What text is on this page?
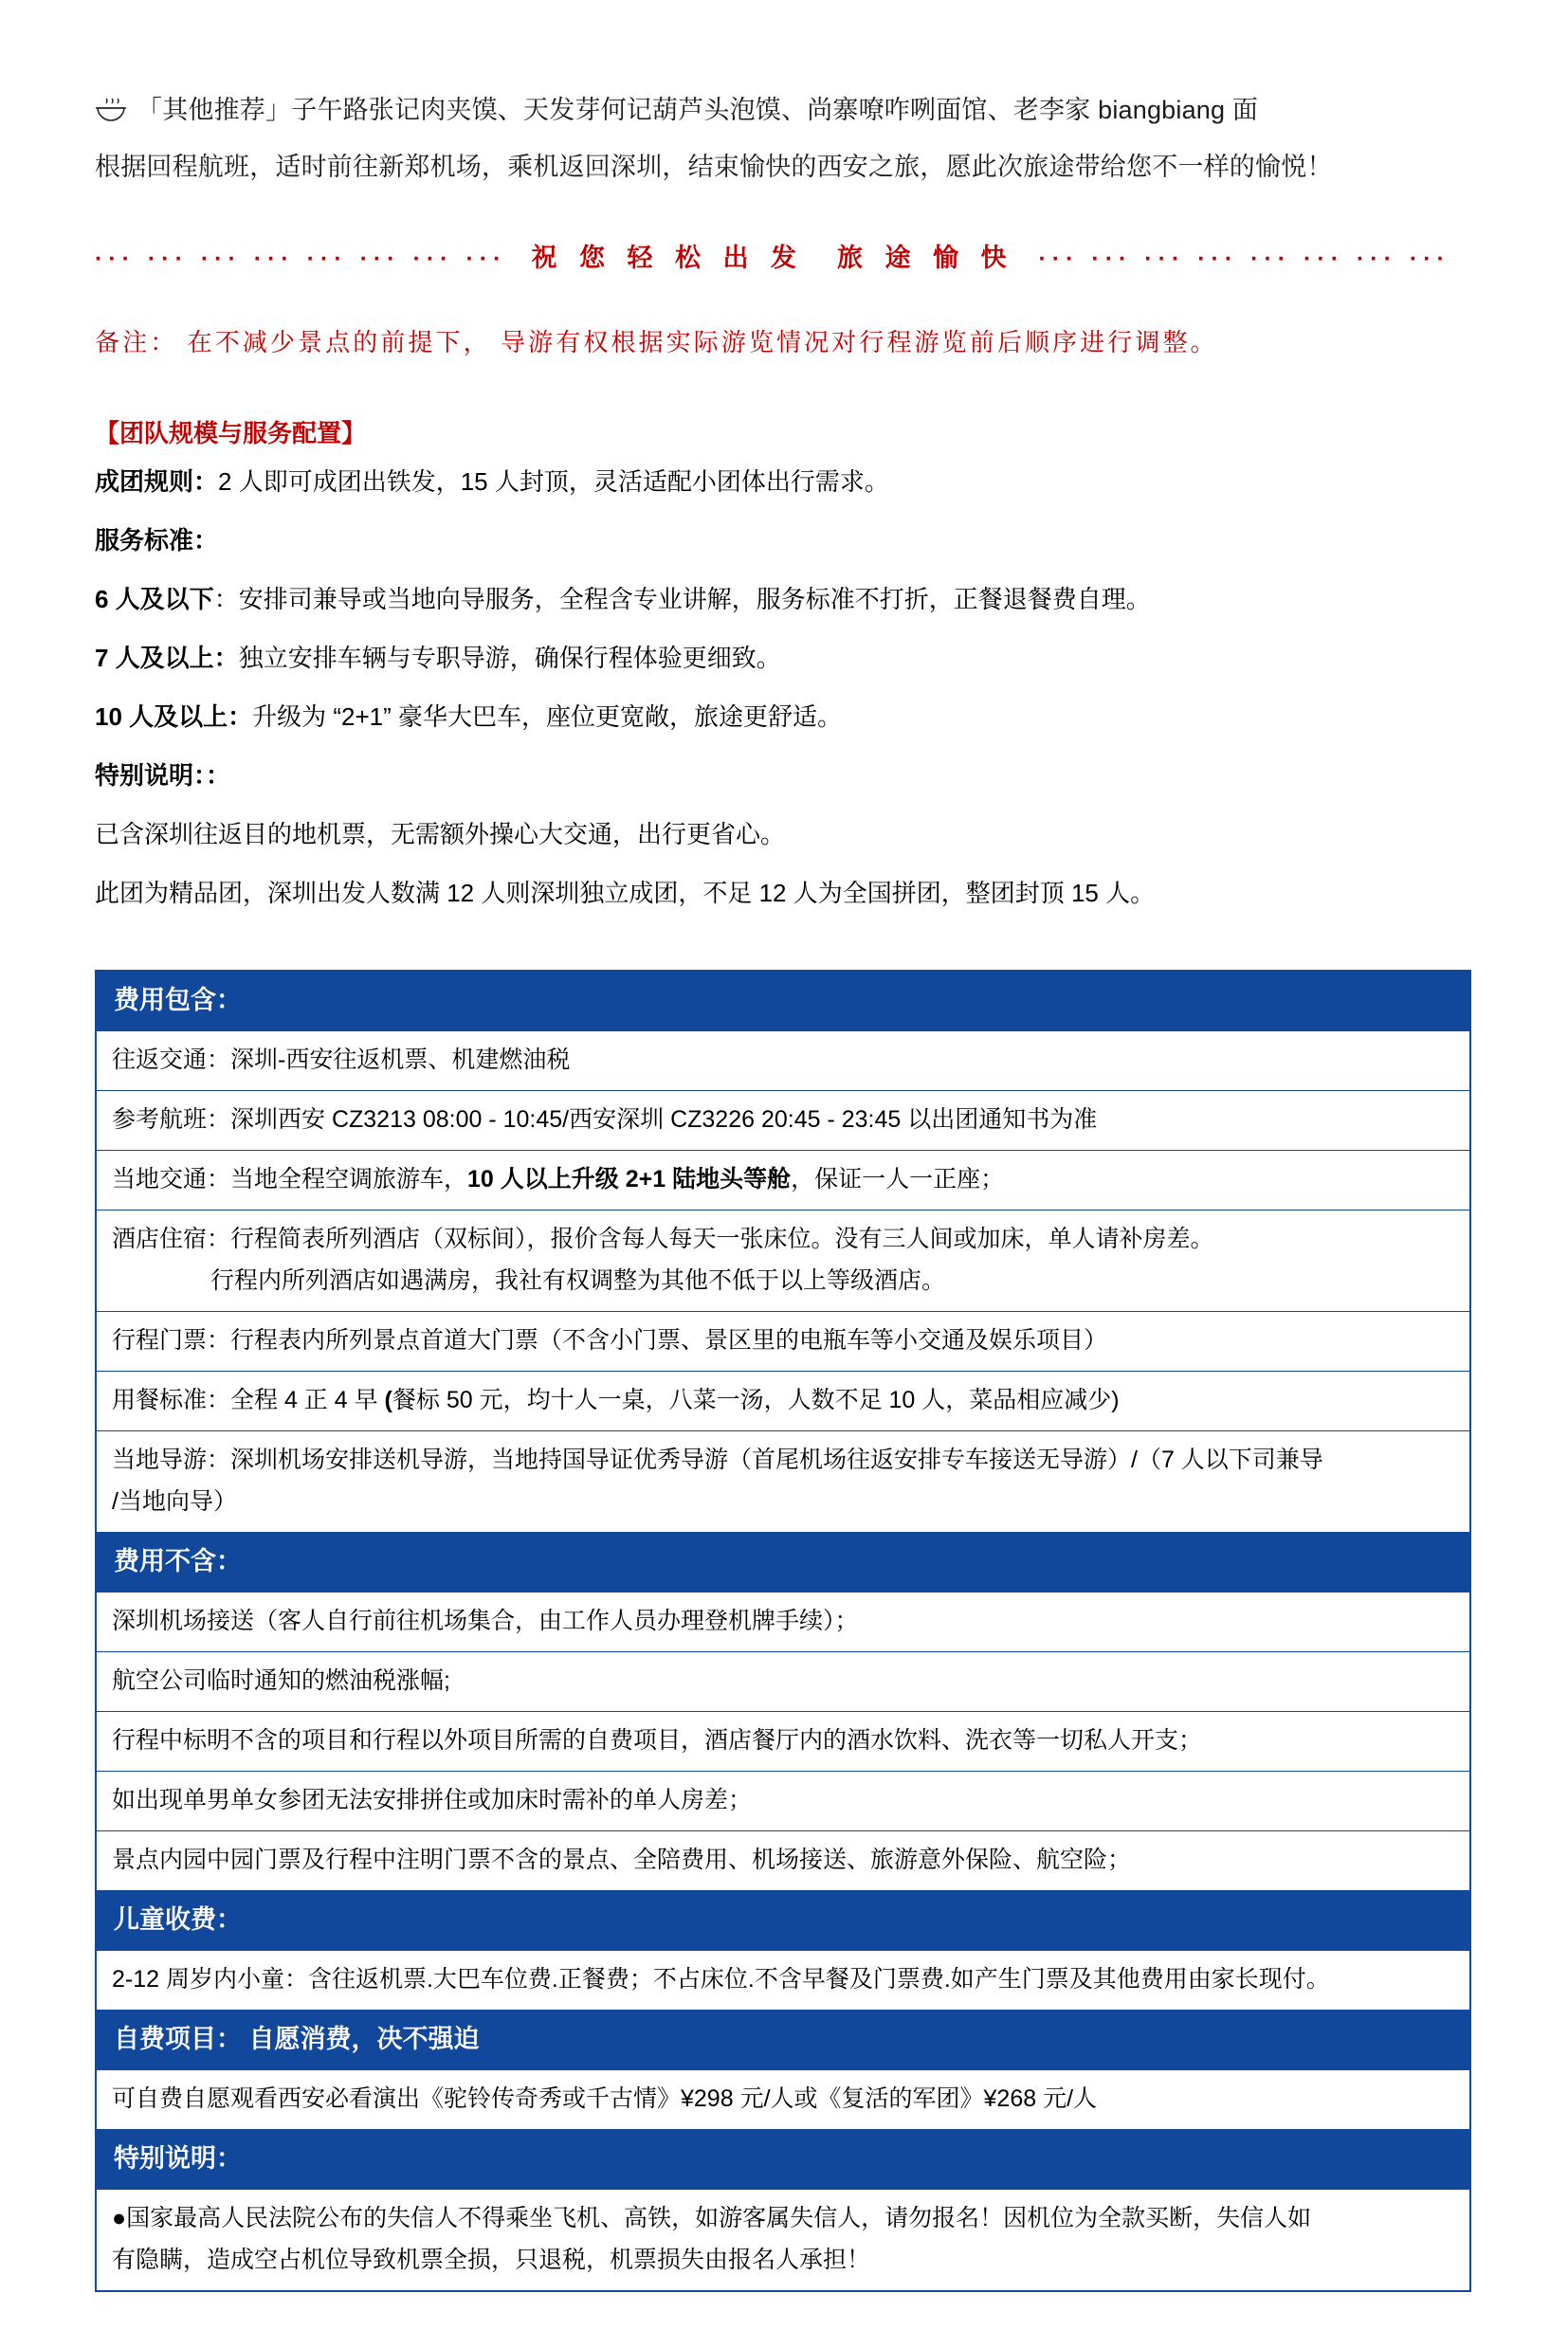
「其他推荐」子午路张记肉夹馍、天发芽何记葫芦头泡馍、尚寨嘹咋咧面馆、老李家 biangbiang 面
根据回程航班，适时前往新郑机场，乘机返回深圳，结束愉快的西安之旅，愿此次旅途带给您不一样的愉悦！
··· ··· ··· ··· ··· ··· ··· ··· 祝 您 轻 松 出 发　旅 途 愉 快 ··· ··· ··· ··· ··· ··· ··· ···
备注： 在不减少景点的前提下， 导游有权根据实际游览情况对行程游览前后顺序进行调整。
【团队规模与服务配置】
成团规则：2 人即可成团出铁发，15 人封顶，灵活适配小团体出行需求。
服务标准：
6 人及以下：安排司兼导或当地向导服务，全程含专业讲解，服务标准不打折，正餐退餐费自理。
7 人及以上：独立安排车辆与专职导游，确保行程体验更细致。
10 人及以上：升级为 “2+1” 豪华大巴车，座位更宽敞，旅途更舒适。
特别说明：：
已含深圳往返目的地机票，无需额外操心大交通，出行更省心。
此团为精品团，深圳出发人数满 12 人则深圳独立成团，不足 12 人为全国拼团，整团封顶 15 人。
费用包含：
往返交通：深圳-西安往返机票、机建燃油税
参考航班：深圳西安 CZ3213 08:00 - 10:45/西安深圳 CZ3226 20:45 - 23:45 以出团通知书为准
当地交通：当地全程空调旅游车，10 人以上升级 2+1 陆地头等舱，保证一人一正座；

酒店住宿：行程简表所列酒店（双标间），报价含每人每天一张床位。没有三人间或加床，单人请补房差。
行程内所列酒店如遇满房，我社有权调整为其他不低于以上等级酒店。

行程门票：行程表内所列景点首道大门票（不含小门票、景区里的电瓶车等小交通及娱乐项目）
用餐标准：全程 4 正 4 早 (餐标 50 元，均十人一桌，八菜一汤，人数不足 10 人，菜品相应减少)

当地导游：深圳机场安排送机导游，当地持国导证优秀导游（首尾机场往返安排专车接送无导游）/（7 人以下司兼导
/当地向导）

费用不含：
深圳机场接送（客人自行前往机场集合，由工作人员办理登机牌手续）；
航空公司临时通知的燃油税涨幅;
行程中标明不含的项目和行程以外项目所需的自费项目，酒店餐厅内的酒水饮料、洗衣等一切私人开支；
如出现单男单女参团无法安排拼住或加床时需补的单人房差；
景点内园中园门票及行程中注明门票不含的景点、全陪费用、机场接送、旅游意外保险、航空险；
儿童收费：
2-12 周岁内小童：含往返机票.大巴车位费.正餐费；不占床位.不含早餐及门票费.如产生门票及其他费用由家长现付。
自费项目： 自愿消费，决不强迫
可自费自愿观看西安必看演出《驼铃传奇秀或千古情》¥298 元/人或《复活的军团》¥268 元/人
特别说明：

●国家最高人民法院公布的失信人不得乘坐飞机、高铁，如游客属失信人，请勿报名！因机位为全款买断，失信人如
有隐瞒，造成空占机位导致机票全损，只退税，机票损失由报名人承担！
